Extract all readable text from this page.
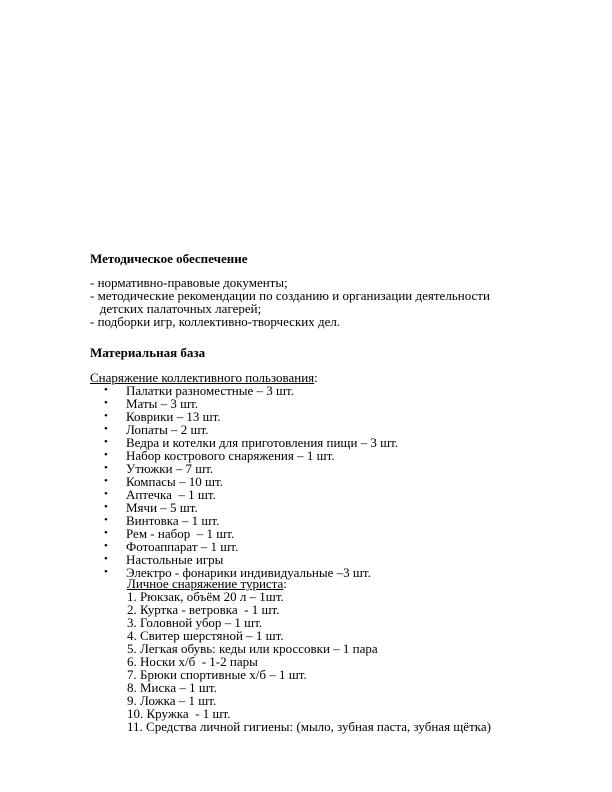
Методическое обеспечение
- нормативно-правовые документы;
- методические рекомендации по созданию и организации деятельности
детских палаточных лагерей;
- подборки игр, коллективно-творческих дел.
Материальная база
Снаряжение коллективного пользования:
• Палатки разноместные – 3 шт.
• Маты – 3 шт.
• Коврики – 13 шт.
• Лопаты – 2 шт.
• Ведра и котелки для приготовления пищи – 3 шт.
• Набор кострового снаряжения – 1 шт.
• Утюжки – 7 шт.
• Компасы – 10 шт.
• Аптечка  – 1 шт.
• Мячи – 5 шт.
• Винтовка – 1 шт.
• Рем - набор  – 1 шт.
• Фотоаппарат – 1 шт.
• Настольные игры
• Электро - фонарики индивидуальные –3 шт.
Личное снаряжение туриста:
1. Рюкзак, объём 20 л – 1шт.
2. Куртка - ветровка  - 1 шт.
3. Головной убор – 1 шт.
4. Свитер шерстяной – 1 шт.
5. Легкая обувь: кеды или кроссовки – 1 пара
6. Носки х/б  - 1-2 пары
7. Брюки спортивные х/б – 1 шт.
8. Миска – 1 шт.
9. Ложка – 1 шт.
10. Кружка  - 1 шт.
11. Средства личной гигиены: (мыло, зубная паста, зубная щётка)
